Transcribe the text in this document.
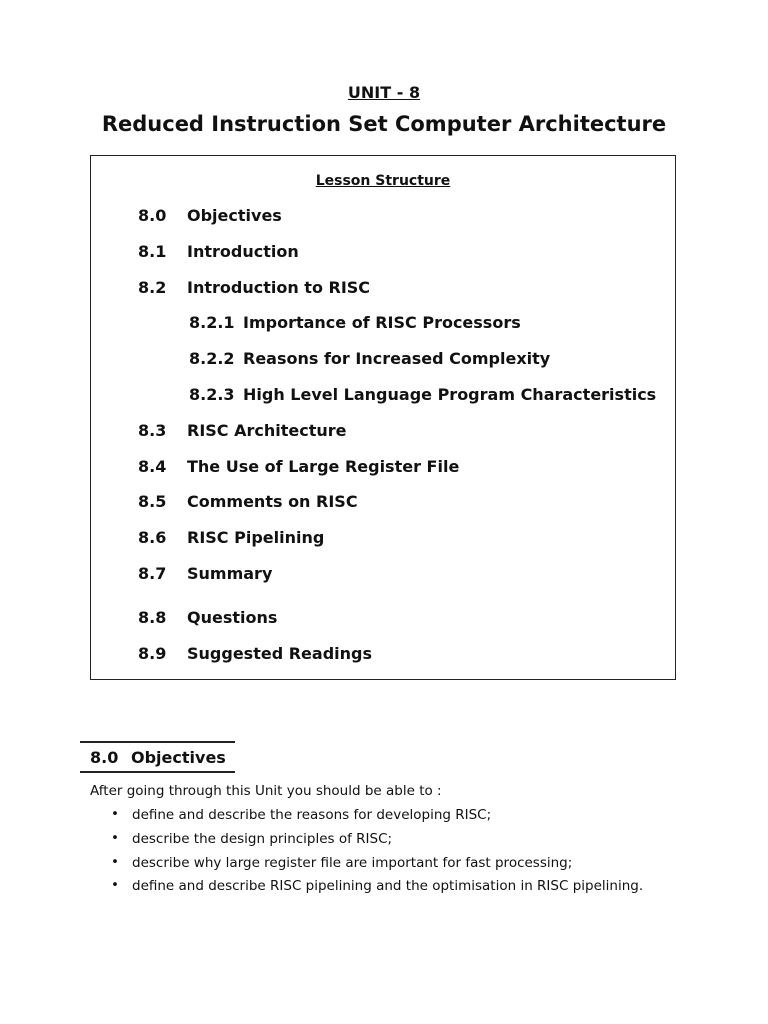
UNIT - 8
Reduced Instruction Set Computer Architecture
Lesson Structure
8.0 Objectives
8.1 Introduction
8.2 Introduction to RISC
8.2.1 Importance of RISC Processors
8.2.2 Reasons for Increased Complexity
8.2.3 High Level Language Program Characteristics
8.3 RISC Architecture
8.4 The Use of Large Register File
8.5 Comments on RISC
8.6 RISC Pipelining
8.7 Summary
8.8 Questions
8.9 Suggested Readings
8.0 Objectives
After going through this Unit you should be able to :
• define and describe the reasons for developing RISC;
• describe the design principles of RISC;
• describe why large register file are important for fast processing;
• define and describe RISC pipelining and the optimisation in RISC pipelining.
